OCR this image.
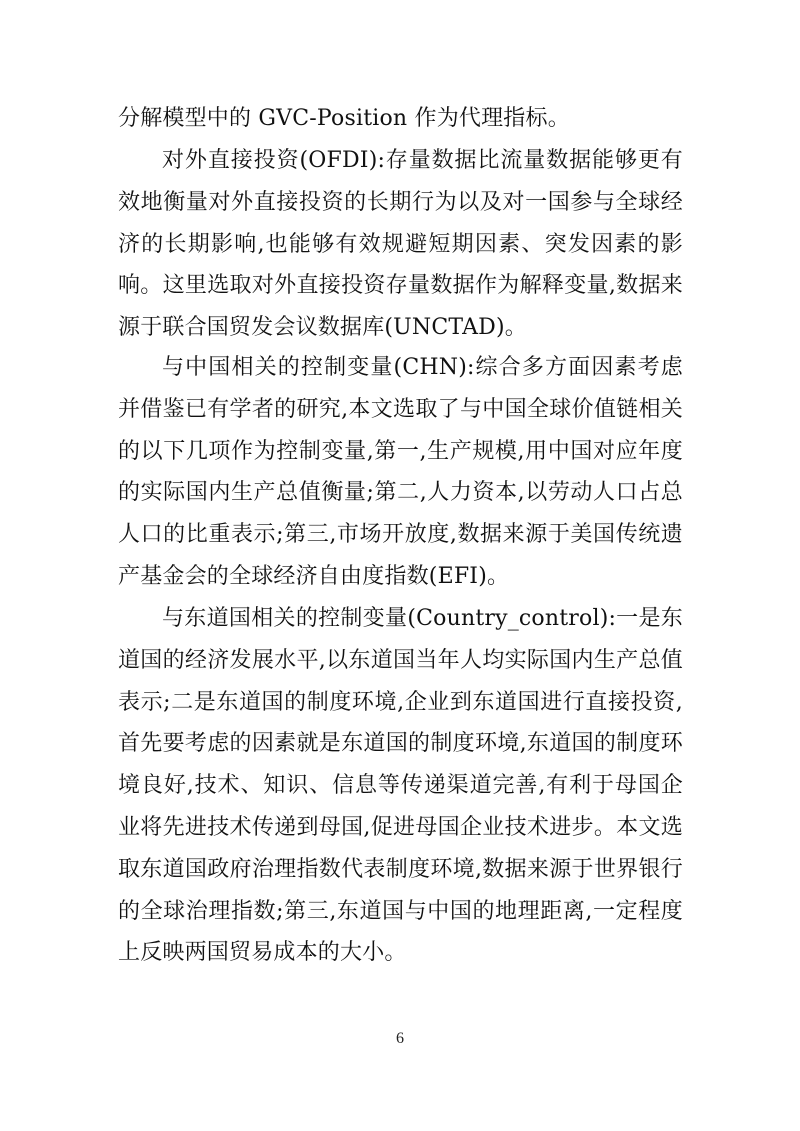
分解模型中的 GVC-Position 作为代理指标。

对外直接投资(OFDI):存量数据比流量数据能够更有效地衡量对外直接投资的长期行为以及对一国参与全球经济的长期影响,也能够有效规避短期因素、突发因素的影响。这里选取对外直接投资存量数据作为解释变量,数据来源于联合国贸发会议数据库(UNCTAD)。

与中国相关的控制变量(CHN):综合多方面因素考虑并借鉴已有学者的研究,本文选取了与中国全球价值链相关的以下几项作为控制变量,第一,生产规模,用中国对应年度的实际国内生产总值衡量;第二,人力资本,以劳动人口占总人口的比重表示;第三,市场开放度,数据来源于美国传统遗产基金会的全球经济自由度指数(EFI)。

与东道国相关的控制变量(Country_control):一是东道国的经济发展水平,以东道国当年人均实际国内生产总值表示;二是东道国的制度环境,企业到东道国进行直接投资,首先要考虑的因素就是东道国的制度环境,东道国的制度环境良好,技术、知识、信息等传递渠道完善,有利于母国企业将先进技术传递到母国,促进母国企业技术进步。本文选取东道国政府治理指数代表制度环境,数据来源于世界银行的全球治理指数;第三,东道国与中国的地理距离,一定程度上反映两国贸易成本的大小。

6
